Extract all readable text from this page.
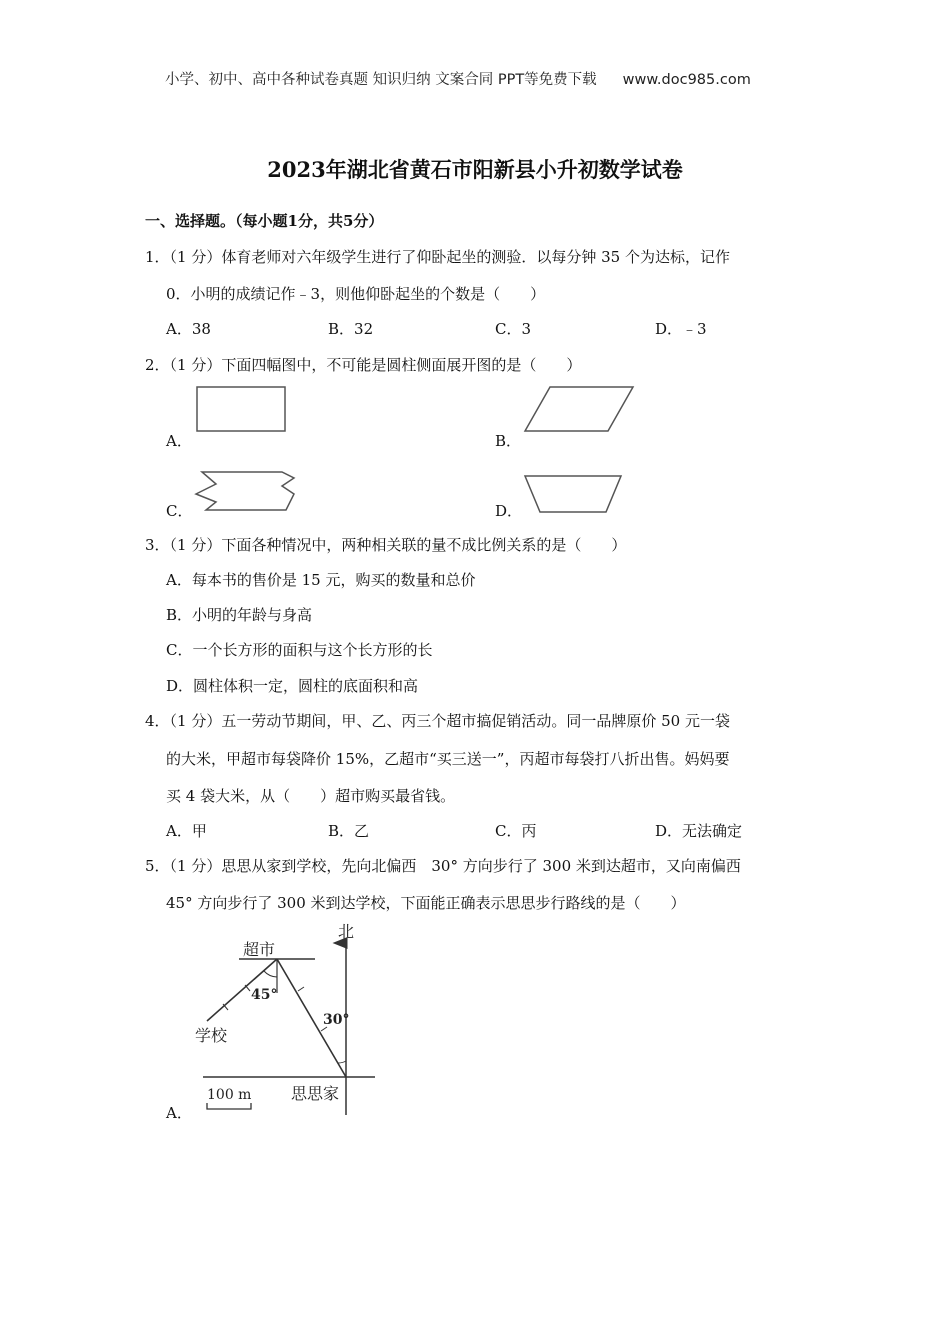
小学、初中、高中各种试卷真题 知识归纳 文案合同 PPT等免费下载 www.doc985.com
2023年湖北省黄石市阳新县小升初数学试卷
一、选择题。（每小题1分，共5分）
1．（1 分）体育老师对六年级学生进行了仰卧起坐的测验．以每分钟 35 个为达标，记作
0．小明的成绩记作﹣3，则他仰卧起坐的个数是（　　）
A．38	B．32	C．3	D．﹣3
2．（1 分）下面四幅图中，不可能是圆柱侧面展开图的是（　　）
A．	B．
C．	D．
3．（1 分）下面各种情况中，两种相关联的量不成比例关系的是（　　）
A．每本书的售价是 15 元，购买的数量和总价
B．小明的年龄与身高
C．一个长方形的面积与这个长方形的长
D．圆柱体积一定，圆柱的底面积和高
4．（1 分）五一劳动节期间，甲、乙、丙三个超市搞促销活动。同一品牌原价 50 元一袋
的大米，甲超市每袋降价 15%，乙超市“买三送一”，丙超市每袋打八折出售。妈妈要
买 4 袋大米，从（　　）超市购买最省钱。
A．甲	B．乙	C．丙	D．无法确定
5．（1 分）思思从家到学校，先向北偏西　30° 方向步行了 300 米到达超市，又向南偏西
45° 方向步行了 300 米到达学校，下面能正确表示思思步行路线的是（　　）
A．
北
超市
学校
思思家
45°
30°
100 m
